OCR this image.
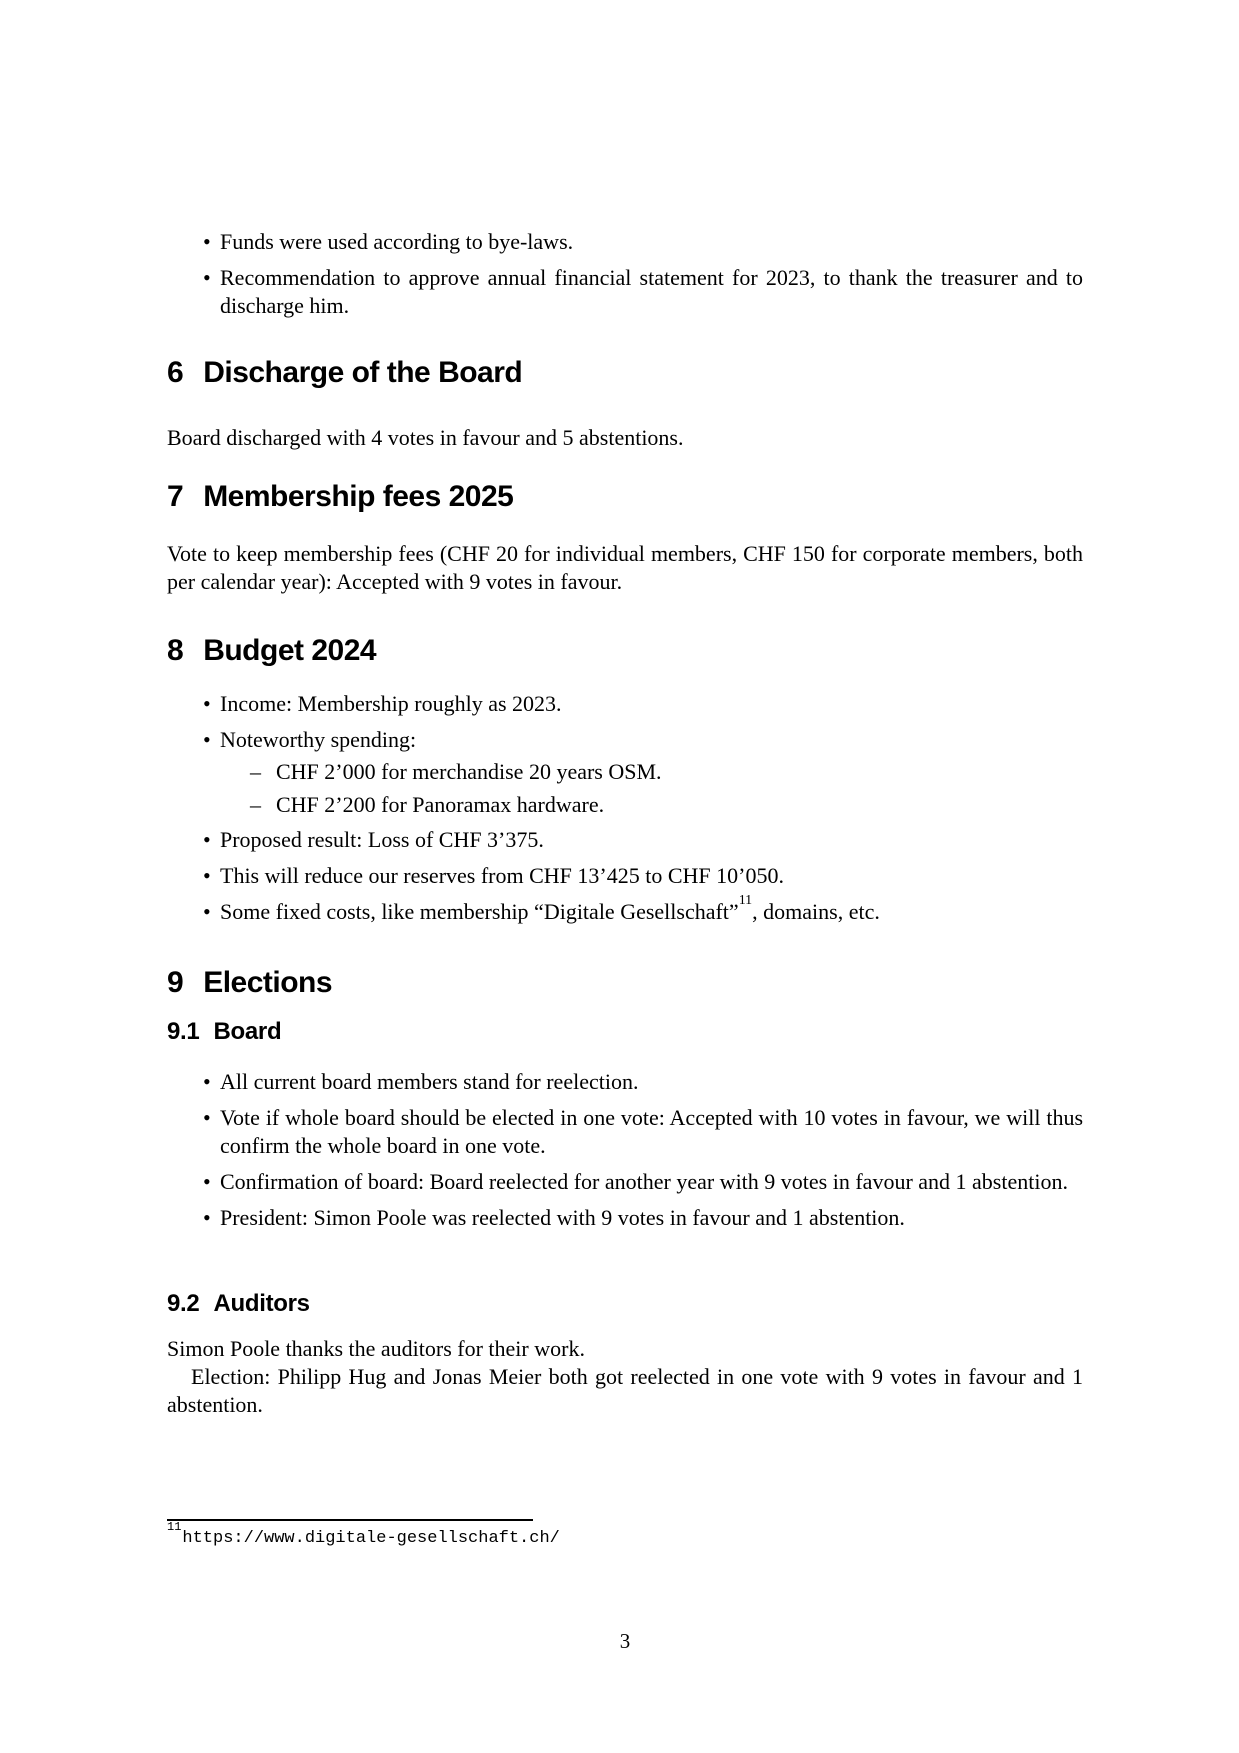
• Funds were used according to bye-laws.
• Recommendation to approve annual financial statement for 2023, to thank the treasurer and to discharge him.
6 Discharge of the Board
Board discharged with 4 votes in favour and 5 abstentions.
7 Membership fees 2025
Vote to keep membership fees (CHF 20 for individual members, CHF 150 for corporate members, both per calendar year): Accepted with 9 votes in favour.
8 Budget 2024
• Income: Membership roughly as 2023.
• Noteworthy spending:
– CHF 2’000 for merchandise 20 years OSM.
– CHF 2’200 for Panoramax hardware.
• Proposed result: Loss of CHF 3’375.
• This will reduce our reserves from CHF 13’425 to CHF 10’050.
• Some fixed costs, like membership “Digitale Gesellschaft”$^{11}$, domains, etc.
9 Elections
9.1 Board
• All current board members stand for reelection.
• Vote if whole board should be elected in one vote: Accepted with 10 votes in favour, we will thus confirm the whole board in one vote.
• Confirmation of board: Board reelected for another year with 9 votes in favour and 1 abstention.
• President: Simon Poole was reelected with 9 votes in favour and 1 abstention.
9.2 Auditors

Simon Poole thanks the auditors for their work.

Election: Philipp Hug and Jonas Meier both got reelected in one vote with 9 votes in favour and 1 abstention.

$^{11}$https://www.digitale-gesellschaft.ch/
3
